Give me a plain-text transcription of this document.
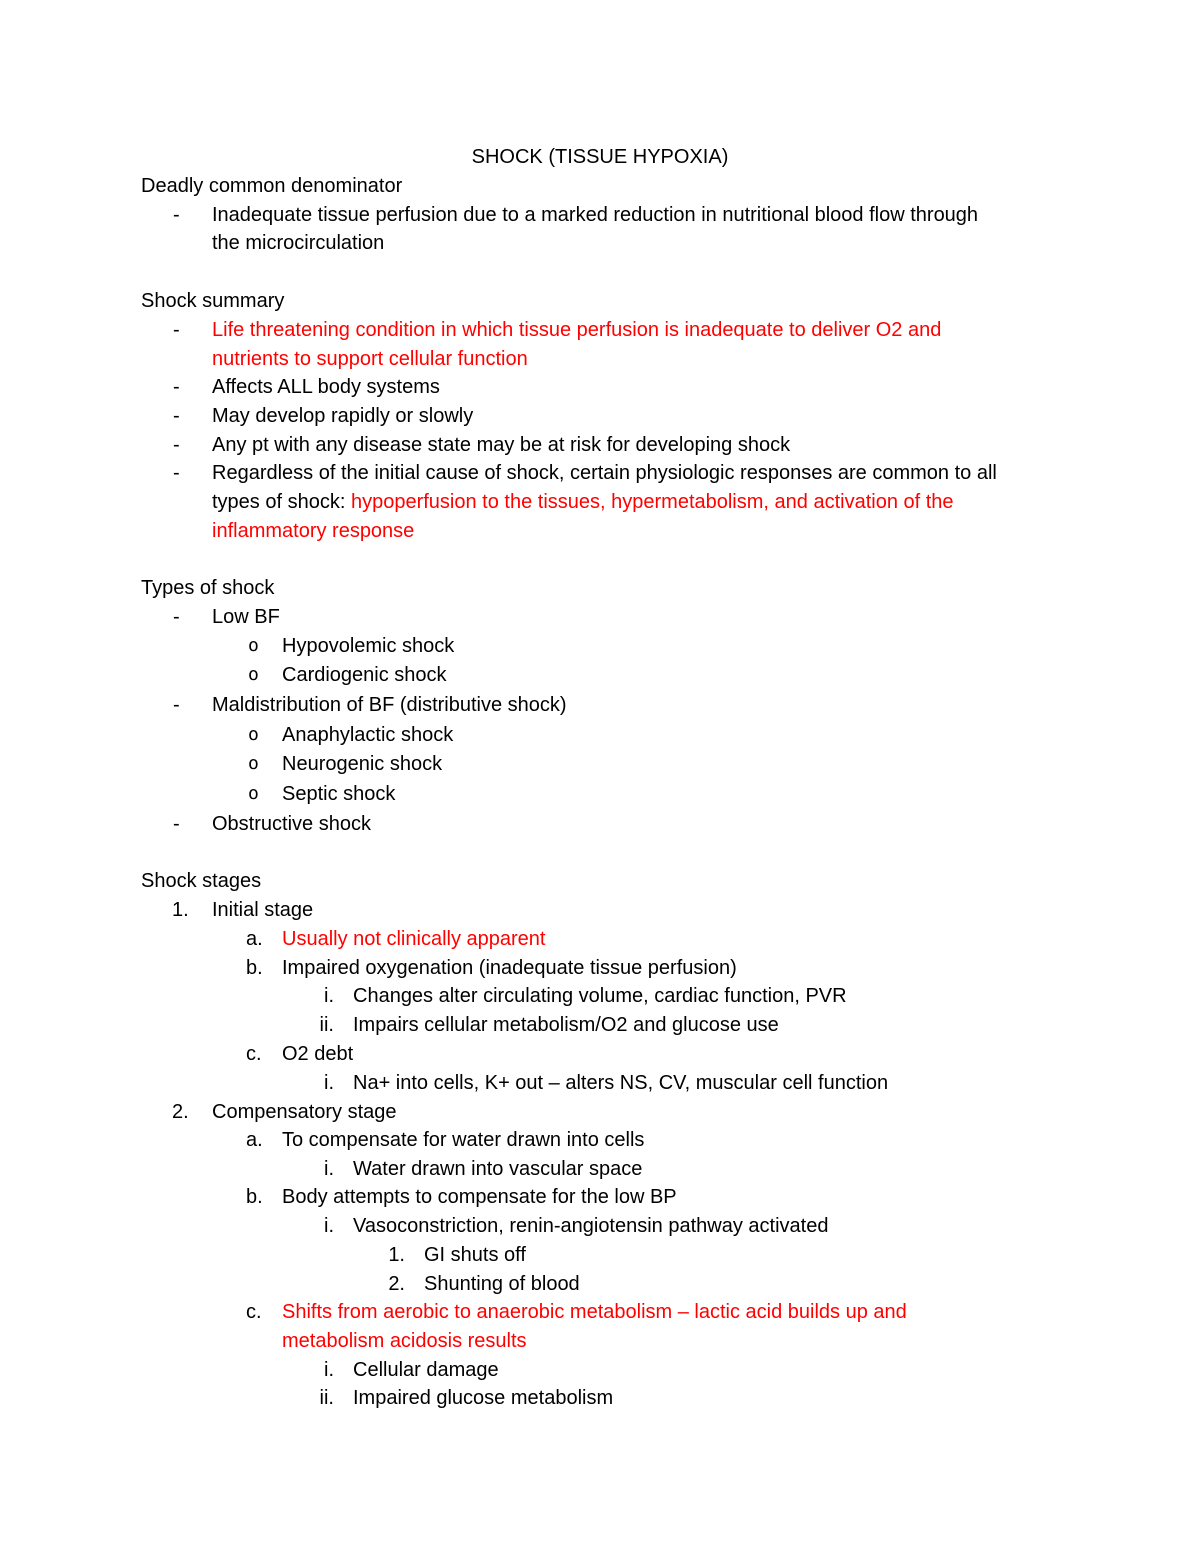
SHOCK (TISSUE HYPOXIA)
Deadly common denominator
- Inadequate tissue perfusion due to a marked reduction in nutritional blood flow through
the microcirculation
Shock summary
- Life threatening condition in which tissue perfusion is inadequate to deliver O2 and
nutrients to support cellular function
- Affects ALL body systems
- May develop rapidly or slowly
- Any pt with any disease state may be at risk for developing shock
- Regardless of the initial cause of shock, certain physiologic responses are common to all
types of shock: hypoperfusion to the tissues, hypermetabolism, and activation of the
inflammatory response
Types of shock
- Low BF
o Hypovolemic shock
o Cardiogenic shock
- Maldistribution of BF (distributive shock)
o Anaphylactic shock
o Neurogenic shock
o Septic shock
- Obstructive shock
Shock stages
1. Initial stage
a. Usually not clinically apparent
b. Impaired oxygenation (inadequate tissue perfusion)
i. Changes alter circulating volume, cardiac function, PVR
ii. Impairs cellular metabolism/O2 and glucose use
c. O2 debt
i. Na+ into cells, K+ out – alters NS, CV, muscular cell function
2. Compensatory stage
a. To compensate for water drawn into cells
i. Water drawn into vascular space
b. Body attempts to compensate for the low BP
i. Vasoconstriction, renin-angiotensin pathway activated
1. GI shuts off
2. Shunting of blood
c. Shifts from aerobic to anaerobic metabolism – lactic acid builds up and
metabolism acidosis results
i. Cellular damage
ii. Impaired glucose metabolism
